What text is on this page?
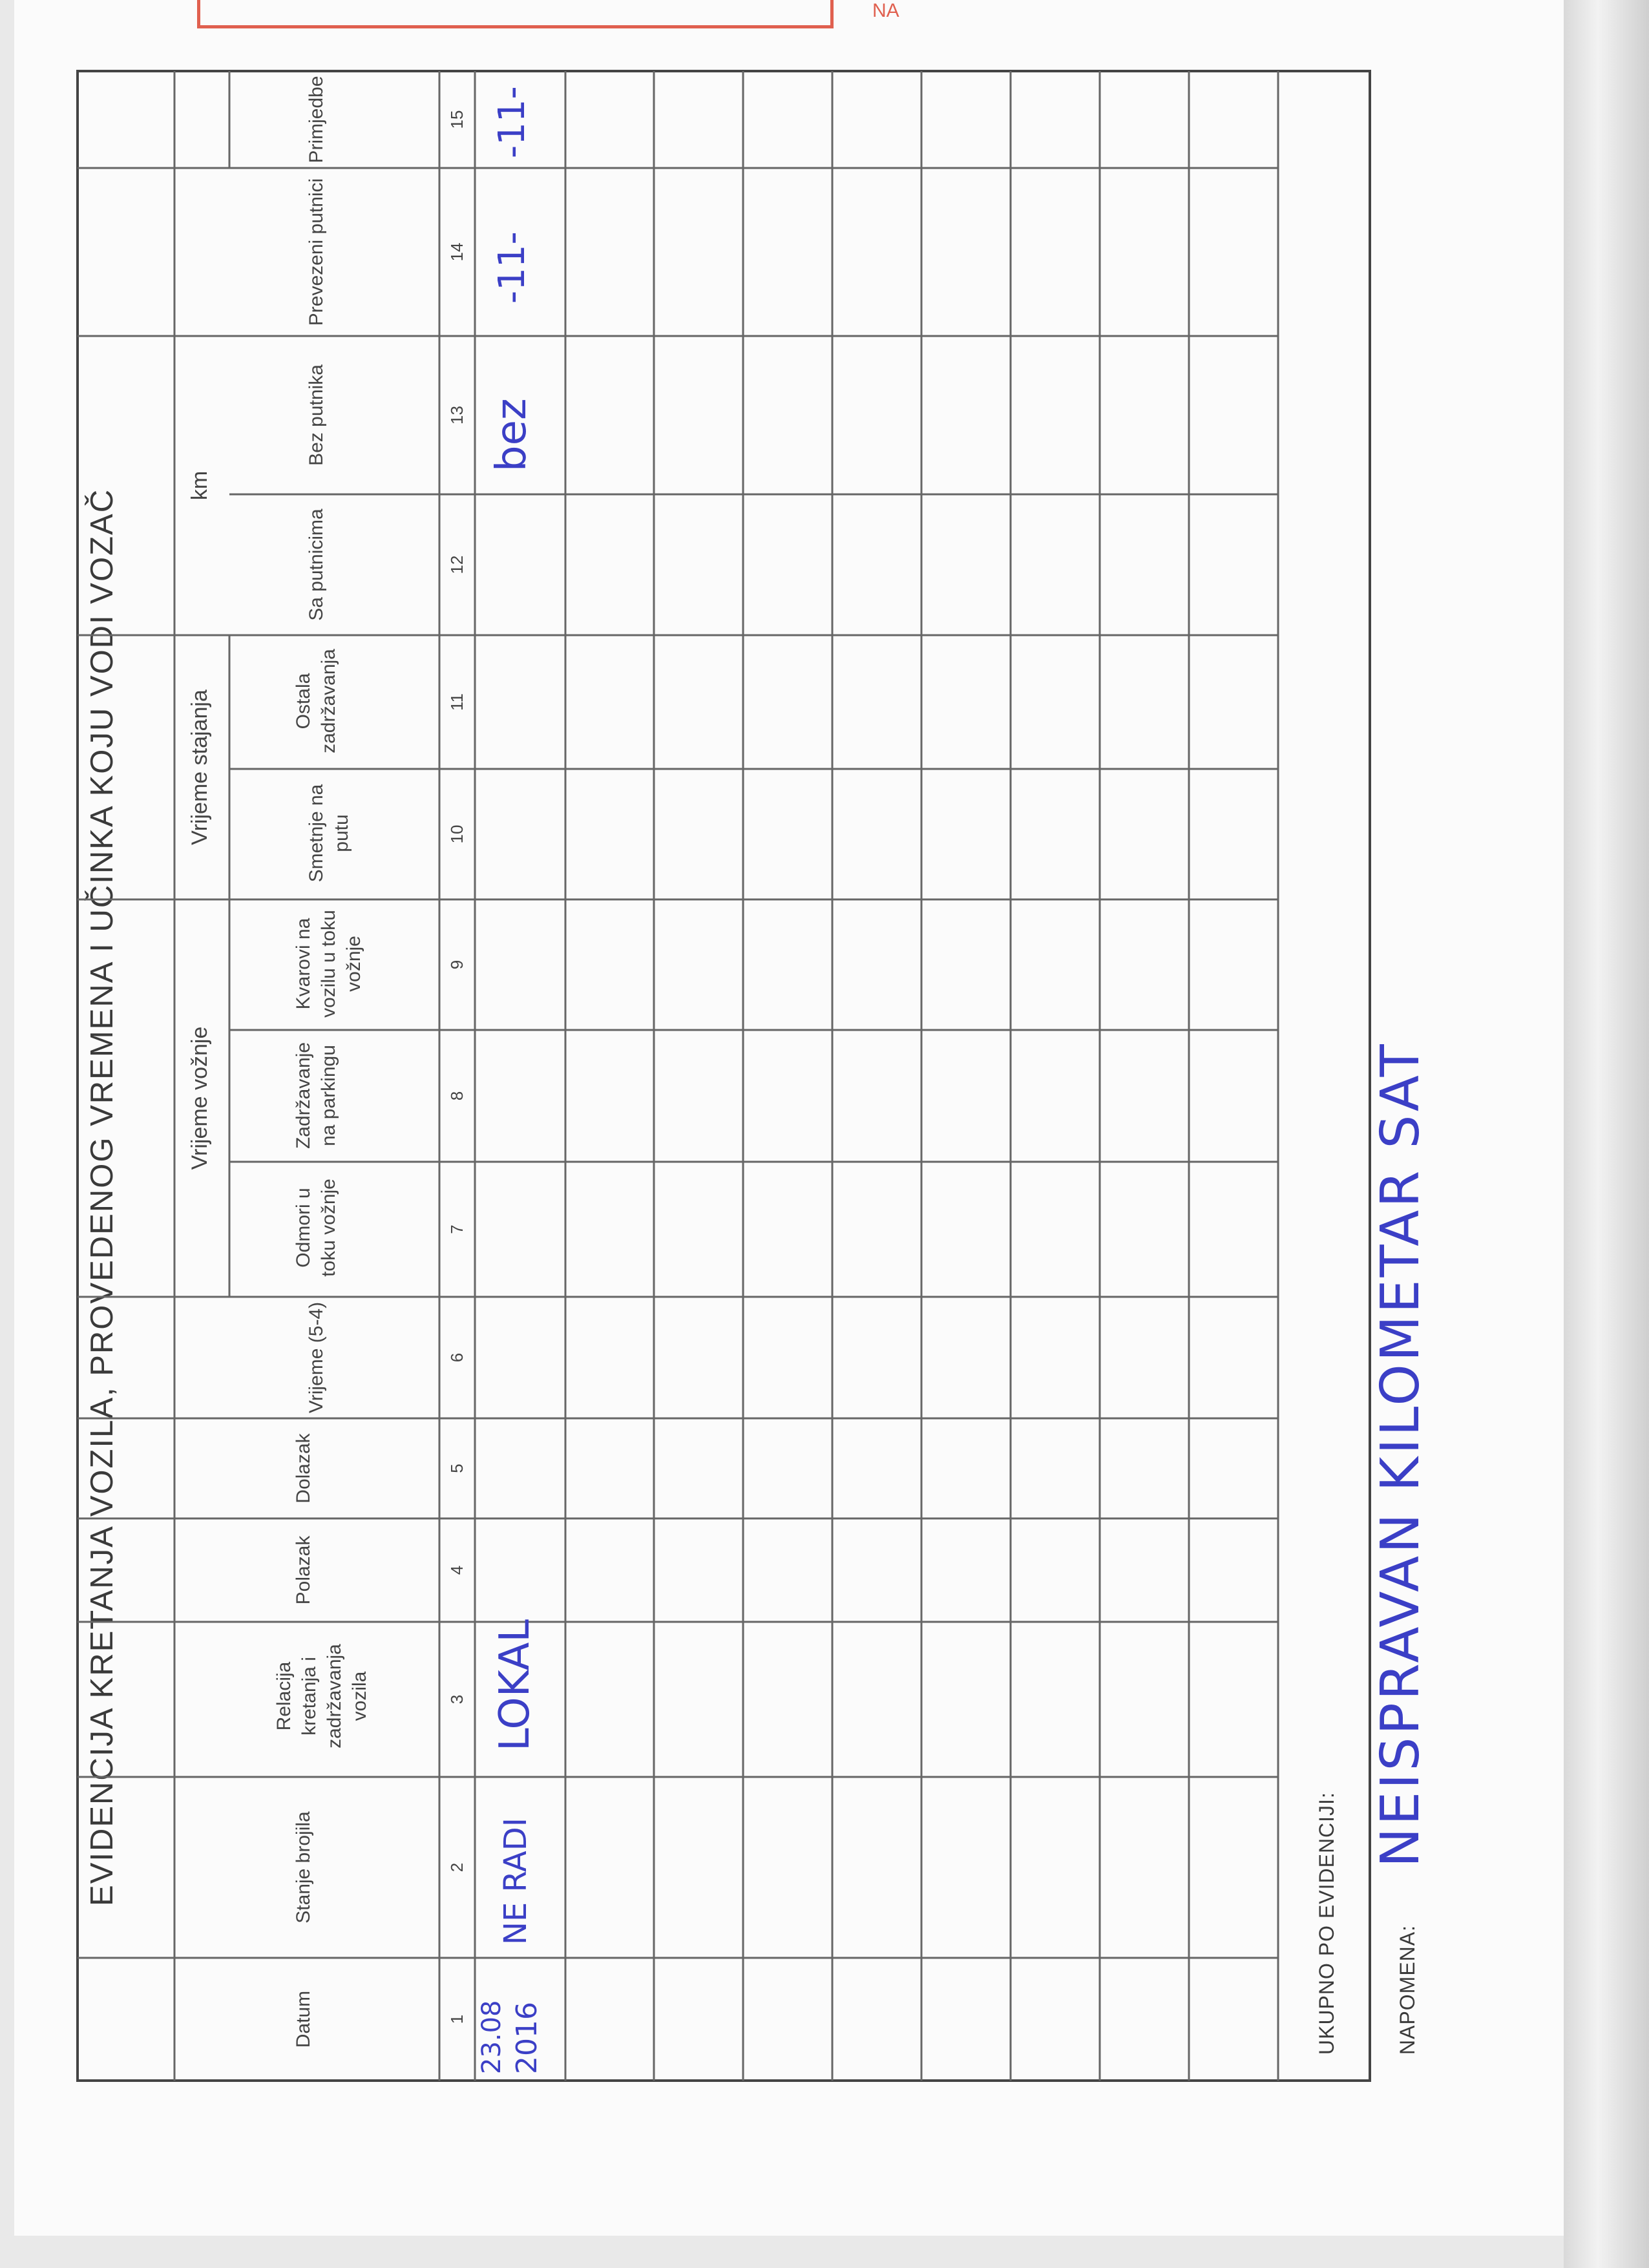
NA
EVIDENCIJA KRETANJA VOZILA, PROVEDENOG VREMENA I UČINKA KOJU VODI VOZAČ	Vrijeme vožnje
Vrijeme stajanja
km
Datum
Stanje brojila
Relacija kretanja i zadržavanja vozila
Polazak
Dolazak
Vrijeme (5-4)
Odmori u toku vožnje
Zadržavanje na parkingu
Kvarovi na vozilu u toku vožnje
Smetnje na putu
Ostala zadržavanja
Sa putnicima
Bez putnika
Prevezeni putnici
Primjedbe
1
2
3
4
5
6
7
8
9
10
11
12
13
14
15
23.08 2016
NE RADI
LOKAL
bez
-11-
-11-
UKUPNO PO EVIDENCIJI:	NAPOMENA:
NEISPRAVAN KILOMETAR SAT
